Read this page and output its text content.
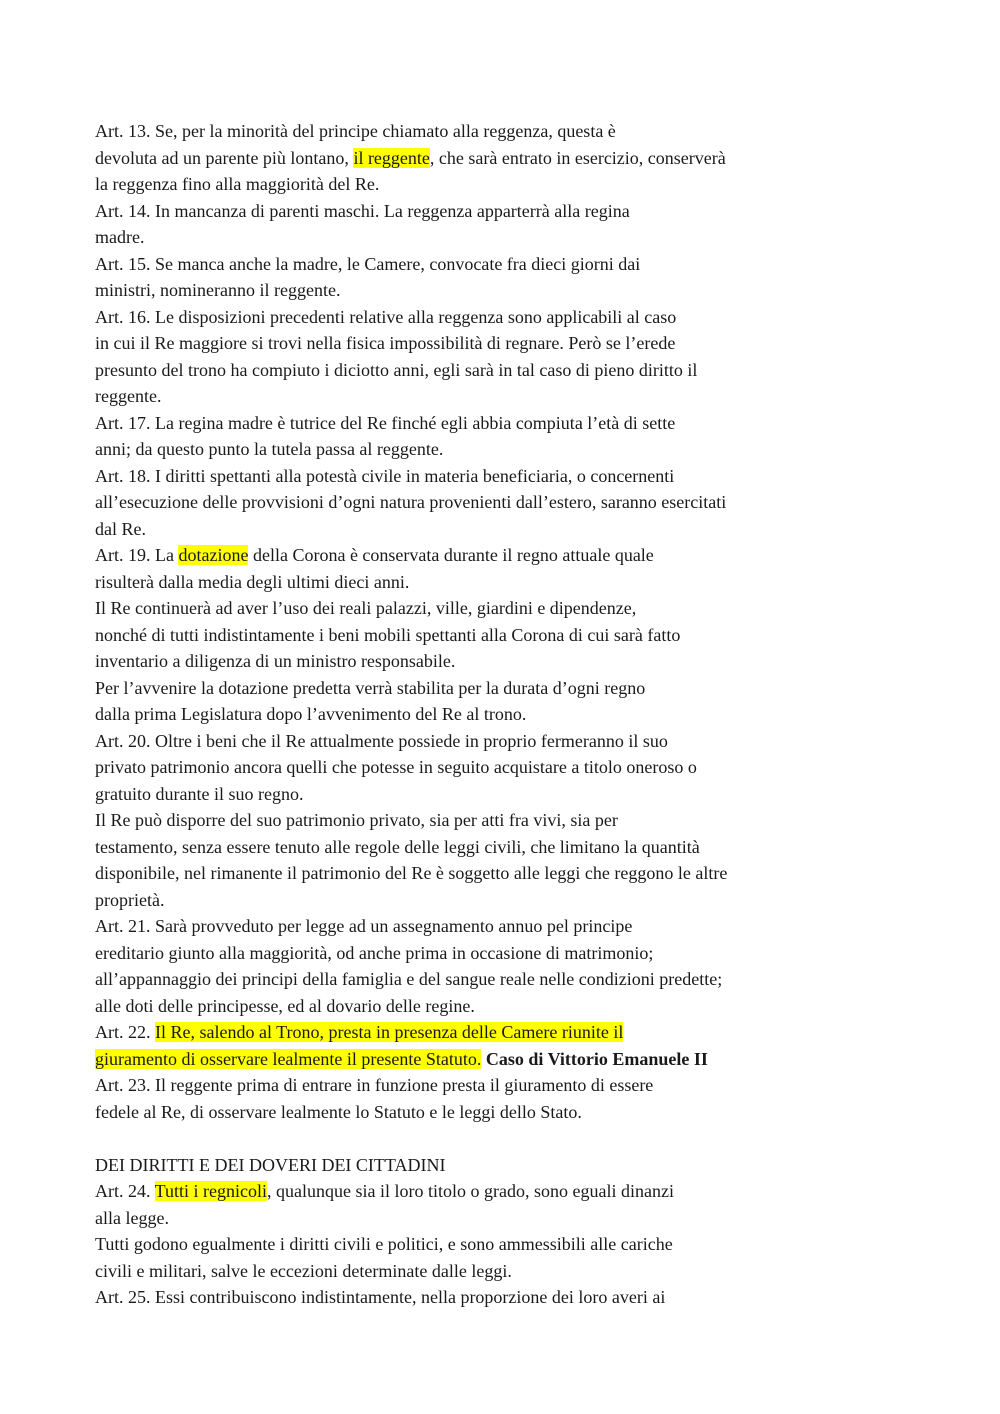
Art. 13. Se, per la minorità del principe chiamato alla reggenza, questa è
devoluta ad un parente più lontano, il reggente, che sarà entrato in esercizio, conserverà
la reggenza fino alla maggiorità del Re.
Art. 14. In mancanza di parenti maschi. La reggenza apparterrà alla regina
madre.
Art. 15. Se manca anche la madre, le Camere, convocate fra dieci giorni dai
ministri, nomineranno il reggente.
Art. 16. Le disposizioni precedenti relative alla reggenza sono applicabili al caso
in cui il Re maggiore si trovi nella fisica impossibilità di regnare. Però se l’erede
presunto del trono ha compiuto i diciotto anni, egli sarà in tal caso di pieno diritto il
reggente.
Art. 17. La regina madre è tutrice del Re finché egli abbia compiuta l’età di sette
anni; da questo punto la tutela passa al reggente.
Art. 18. I diritti spettanti alla potestà civile in materia beneficiaria, o concernenti
all’esecuzione delle provvisioni d’ogni natura provenienti dall’estero, saranno esercitati
dal Re.
Art. 19. La dotazione della Corona è conservata durante il regno attuale quale
risulterà dalla media degli ultimi dieci anni.
Il Re continuerà ad aver l’uso dei reali palazzi, ville, giardini e dipendenze,
nonché di tutti indistintamente i beni mobili spettanti alla Corona di cui sarà fatto
inventario a diligenza di un ministro responsabile.
Per l’avvenire la dotazione predetta verrà stabilita per la durata d’ogni regno
dalla prima Legislatura dopo l’avvenimento del Re al trono.
Art. 20. Oltre i beni che il Re attualmente possiede in proprio fermeranno il suo
privato patrimonio ancora quelli che potesse in seguito acquistare a titolo oneroso o
gratuito durante il suo regno.
Il Re può disporre del suo patrimonio privato, sia per atti fra vivi, sia per
testamento, senza essere tenuto alle regole delle leggi civili, che limitano la quantità
disponibile, nel rimanente il patrimonio del Re è soggetto alle leggi che reggono le altre
proprietà.
Art. 21. Sarà provveduto per legge ad un assegnamento annuo pel principe
ereditario giunto alla maggiorità, od anche prima in occasione di matrimonio;
all’appannaggio dei principi della famiglia e del sangue reale nelle condizioni predette;
alle doti delle principesse, ed al dovario delle regine.
Art. 22. Il Re, salendo al Trono, presta in presenza delle Camere riunite il
giuramento di osservare lealmente il presente Statuto. Caso di Vittorio Emanuele II
Art. 23. Il reggente prima di entrare in funzione presta il giuramento di essere
fedele al Re, di osservare lealmente lo Statuto e le leggi dello Stato.
DEI DIRITTI E DEI DOVERI DEI CITTADINI
Art. 24. Tutti i regnicoli, qualunque sia il loro titolo o grado, sono eguali dinanzi
alla legge.
Tutti godono egualmente i diritti civili e politici, e sono ammessibili alle cariche
civili e militari, salve le eccezioni determinate dalle leggi.
Art. 25. Essi contribuiscono indistintamente, nella proporzione dei loro averi ai
